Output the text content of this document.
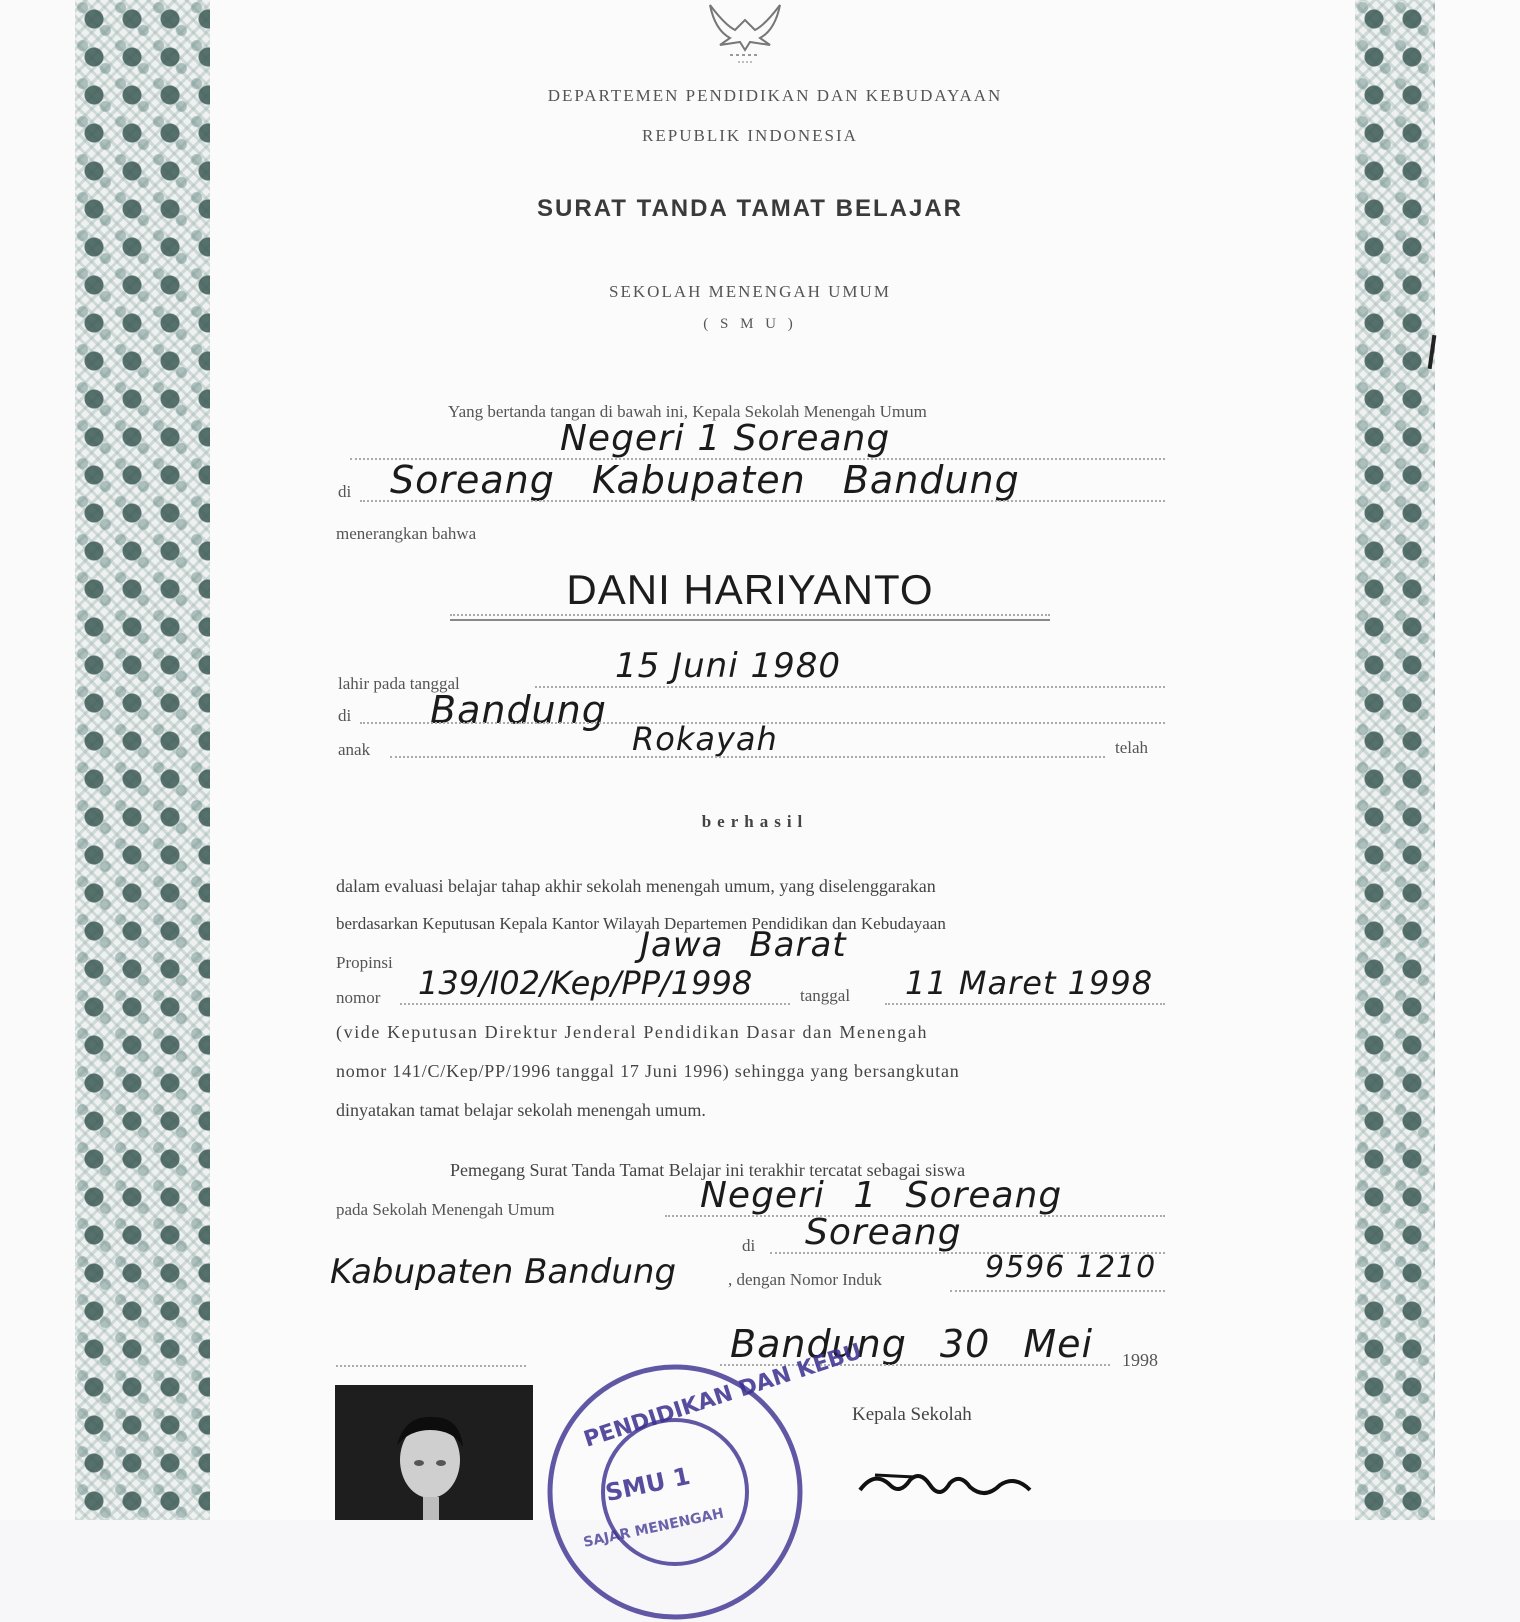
DEPARTEMEN PENDIDIKAN DAN KEBUDAYAAN
REPUBLIK INDONESIA
SURAT TANDA TAMAT BELAJAR
SEKOLAH MENENGAH UMUM
( S M U )
Yang bertanda tangan di bawah ini, Kepala Sekolah Menengah Umum
Negeri 1 Soreang
di Soreang Kabupaten Bandung
menerangkan bahwa
DANI HARIYANTO
lahir pada tanggal	15 Juni 1980
di Bandung
anak	Rokayah	telah
berhasil
dalam evaluasi belajar tahap akhir sekolah menengah umum, yang diselenggarakan
berdasarkan Keputusan Kepala Kantor Wilayah Departemen Pendidikan dan Kebudayaan
Propinsi	Jawa Barat
nomor 139/I02/Kep/PP/1998	tanggal 11 Maret 1998
(vide Keputusan Direktur Jenderal Pendidikan Dasar dan Menengah
nomor 141/C/Kep/PP/1996 tanggal 17 Juni 1996) sehingga yang bersangkutan
dinyatakan tamat belajar sekolah menengah umum.
Pemegang Surat Tanda Tamat Belajar ini terakhir tercatat sebagai siswa
pada Sekolah Menengah Umum	Negeri 1 Soreang
di Soreang
Kabupaten Bandung	, dengan Nomor Induk	9596 1210
Bandung 30 Mei 1998
Kepala Sekolah
PENDIDIKAN DAN KEBU
SMU 1
SAJAR MENENGAH
